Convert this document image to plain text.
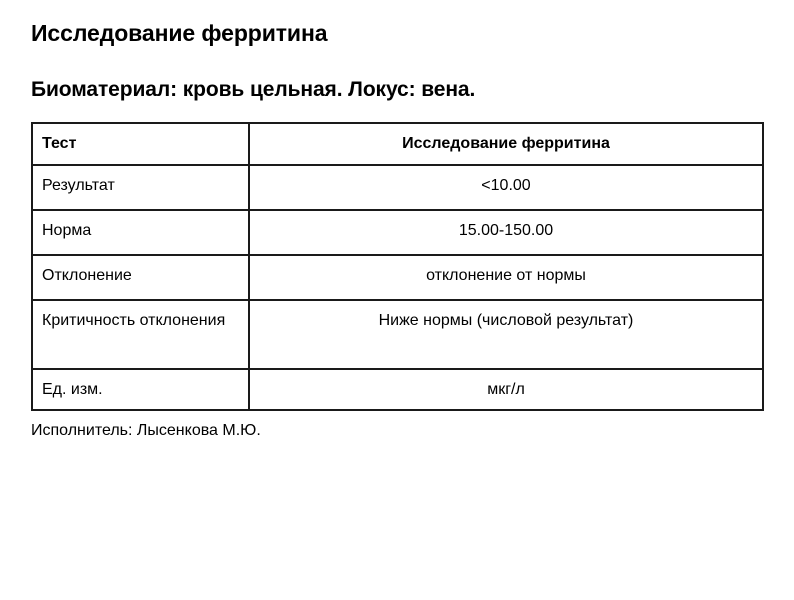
Исследование ферритина
Биоматериал: кровь цельная. Локус: вена.
Тест	Исследование ферритина

Результат	<10.00

Норма	15.00-150.00

Отклонение	отклонение от нормы

Критичность отклонения	Ниже нормы (числовой результат)

Ед. изм.	мкг/л
Исполнитель: Лысенкова М.Ю.
